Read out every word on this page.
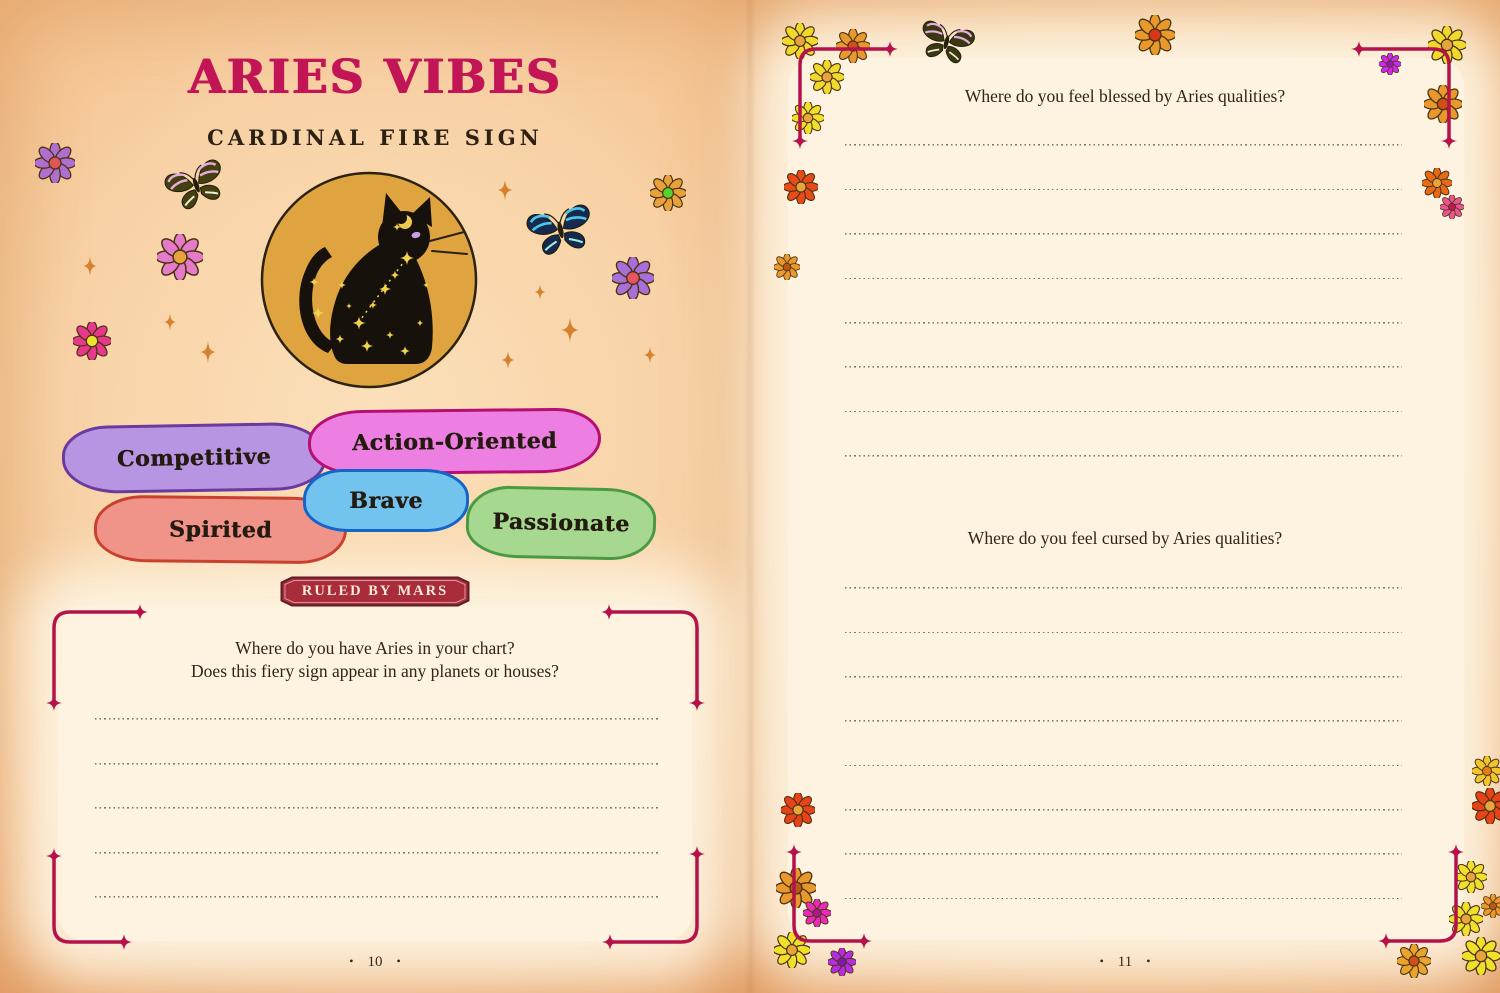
ARIES VIBES
CARDINAL FIRE SIGN
Competitive
Action-Oriented
Brave
Spirited	Passionate
RULED BY MARS
Where do you have Aries in your chart?
Does this fiery sign appear in any planets or houses?
• 10 •
Where do you feel blessed by Aries qualities?
Where do you feel cursed by Aries qualities?
• 11 •
